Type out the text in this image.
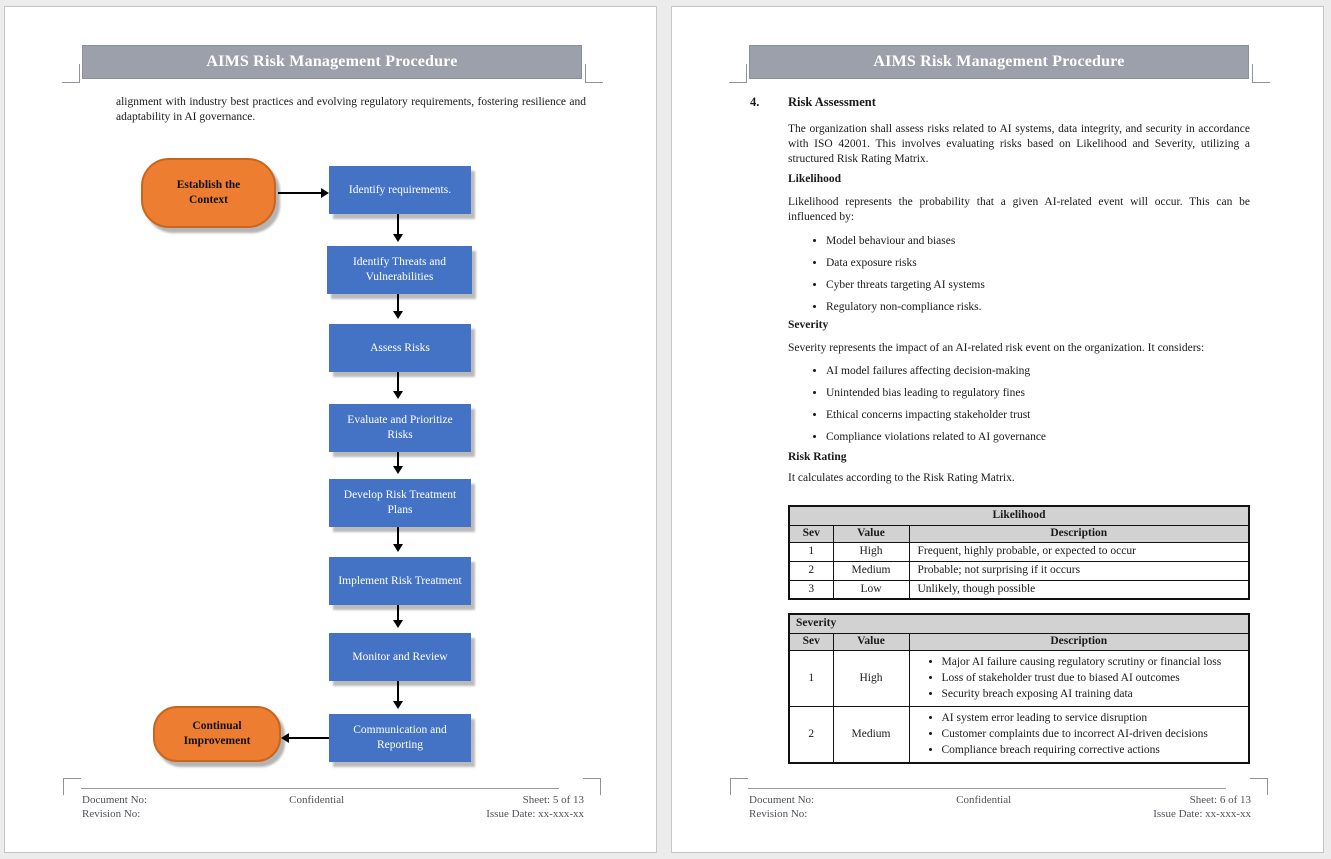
AIMS Risk Management Procedure

alignment with industry best practices and evolving regulatory requirements, fostering resilience and adaptability in AI governance.

Establish the Context
Identify requirements.
Identify Threats and Vulnerabilities
Assess Risks
Evaluate and Prioritize Risks
Develop Risk Treatment Plans
Implement Risk Treatment
Monitor and Review
Communication and Reporting
Continual Improvement
Document No:
Revision No:
Confidential	Sheet: 5 of 13
Issue Date: xx-xxx-xx
AIMS Risk Management Procedure
4. Risk Assessment

The organization shall assess risks related to AI systems, data integrity, and security in accordance with ISO 42001. This involves evaluating risks based on Likelihood and Severity, utilizing a structured Risk Rating Matrix.

Likelihood

Likelihood represents the probability that a given AI-related event will occur. This can be influenced by:

• Model behaviour and biases
• Data exposure risks
• Cyber threats targeting AI systems
• Regulatory non-compliance risks.
Severity

Severity represents the impact of an AI-related risk event on the organization. It considers:

• AI model failures affecting decision-making
• Unintended bias leading to regulatory fines
• Ethical concerns impacting stakeholder trust
• Compliance violations related to AI governance
Risk Rating

It calculates according to the Risk Rating Matrix.

Likelihood		
Sev	Value	Description
1	High	Frequent, highly probable, or expected to occur
2	Medium	Probable; not surprising if it occurs
3	Low	Unlikely, though possible
Severity		
Sev	Value	Description
1	High	
• Major AI failure causing regulatory scrutiny or financial loss
• Loss of stakeholder trust due to biased AI outcomes
• Security breach exposing AI training data

2	Medium	
• AI system error leading to service disruption
• Customer complaints due to incorrect AI-driven decisions
• Compliance breach requiring corrective actions
Document No:
Revision No:
Confidential	Sheet: 6 of 13
Issue Date: xx-xxx-xx
